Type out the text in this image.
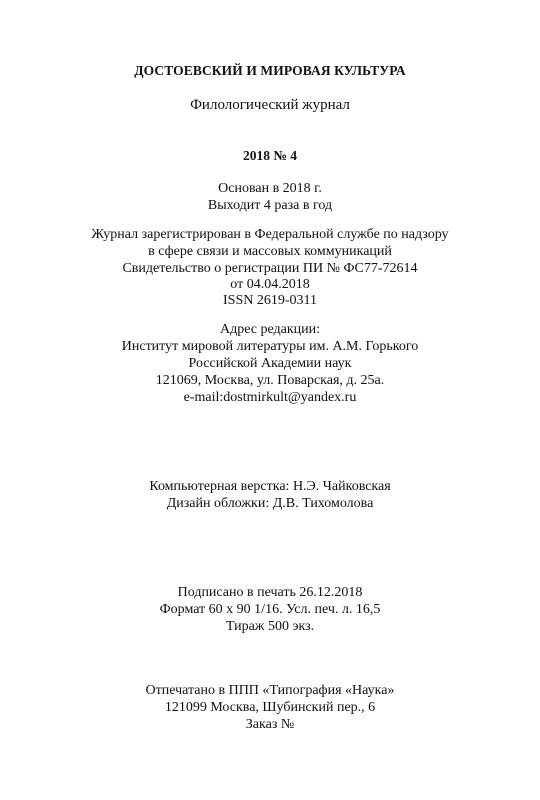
ДОСТОЕВСКИЙ И МИРОВАЯ КУЛЬТУРА
Филологический журнал
2018 № 4
Основан в 2018 г.
Выходит 4 раза в год
Журнал зарегистрирован в Федеральной службе по надзору
в сфере связи и массовых коммуникаций
Свидетельство о регистрации ПИ № ФС77-72614
от 04.04.2018
ISSN 2619-0311
Адрес редакции:
Институт мировой литературы им. А.М. Горького
Российской Академии наук
121069, Москва, ул. Поварская, д. 25а.
e-mail:dostmirkult@yandex.ru
Компьютерная верстка: Н.Э. Чайковская
Дизайн обложки: Д.В. Тихомолова
Подписано в печать 26.12.2018
Формат 60 х 90 1/16. Усл. печ. л. 16,5
Тираж 500 экз.
Отпечатано в ППП «Типография «Наука»
121099 Москва, Шубинский пер., 6
Заказ №
